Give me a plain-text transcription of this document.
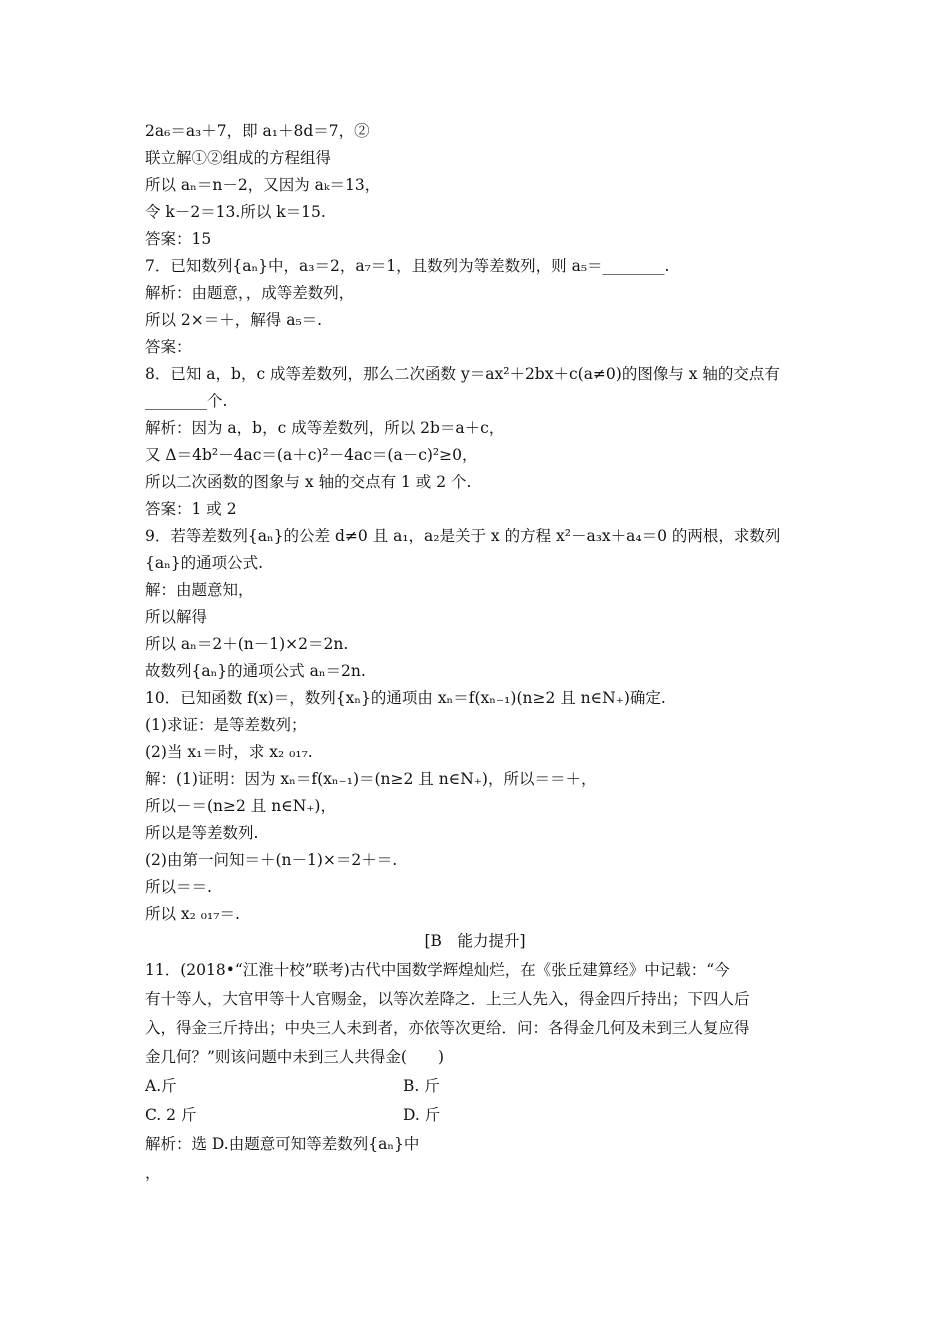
2a₆＝a₃＋7，即 a₁＋8d＝7，②
联立解①②组成的方程组得
所以 aₙ＝n－2，又因为 aₖ＝13，
令 k－2＝13.所以 k＝15.
答案：15
7．已知数列{aₙ}中，a₃＝2，a₇＝1，且数列为等差数列，则 a₅＝________.
解析：由题意，，成等差数列，
所以 2×＝＋，解得 a₅＝.
答案：
8．已知 a，b，c 成等差数列，那么二次函数 y＝ax²＋2bx＋c(a≠0)的图像与 x 轴的交点有
________个.
解析：因为 a，b，c 成等差数列，所以 2b＝a＋c，
又 Δ＝4b²－4ac＝(a＋c)²－4ac＝(a－c)²≥0，
所以二次函数的图象与 x 轴的交点有 1 或 2 个.
答案：1 或 2
9．若等差数列{aₙ}的公差 d≠0 且 a₁，a₂是关于 x 的方程 x²－a₃x＋a₄＝0 的两根，求数列
{aₙ}的通项公式.
解：由题意知，
所以解得
所以 aₙ＝2＋(n－1)×2＝2n.
故数列{aₙ}的通项公式 aₙ＝2n.
10．已知函数 f(x)＝，数列{xₙ}的通项由 xₙ＝f(xₙ₋₁)(n≥2 且 n∈N₊)确定.
(1)求证：是等差数列；
(2)当 x₁＝时，求 x₂ ₀₁₇.
解：(1)证明：因为 xₙ＝f(xₙ₋₁)＝(n≥2 且 n∈N₊)，所以＝＝＋，
所以－＝(n≥2 且 n∈N₊)，
所以是等差数列.
(2)由第一问知＝＋(n－1)×＝2＋＝.
所以＝＝.
所以 x₂ ₀₁₇＝.
[B　能力提升]
11．(2018•“江淮十校”联考)古代中国数学辉煌灿烂，在《张丘建算经》中记载：“今
有十等人，大官甲等十人官赐金，以等次差降之．上三人先入，得金四斤持出；下四人后
入，得金三斤持出；中央三人未到者，亦依等次更给．问：各得金几何及未到三人复应得
金几何？”则该问题中未到三人共得金(　　)
A.斤	B. 斤
C. 2 斤	D. 斤
解析：选 D.由题意可知等差数列{aₙ}中
，
